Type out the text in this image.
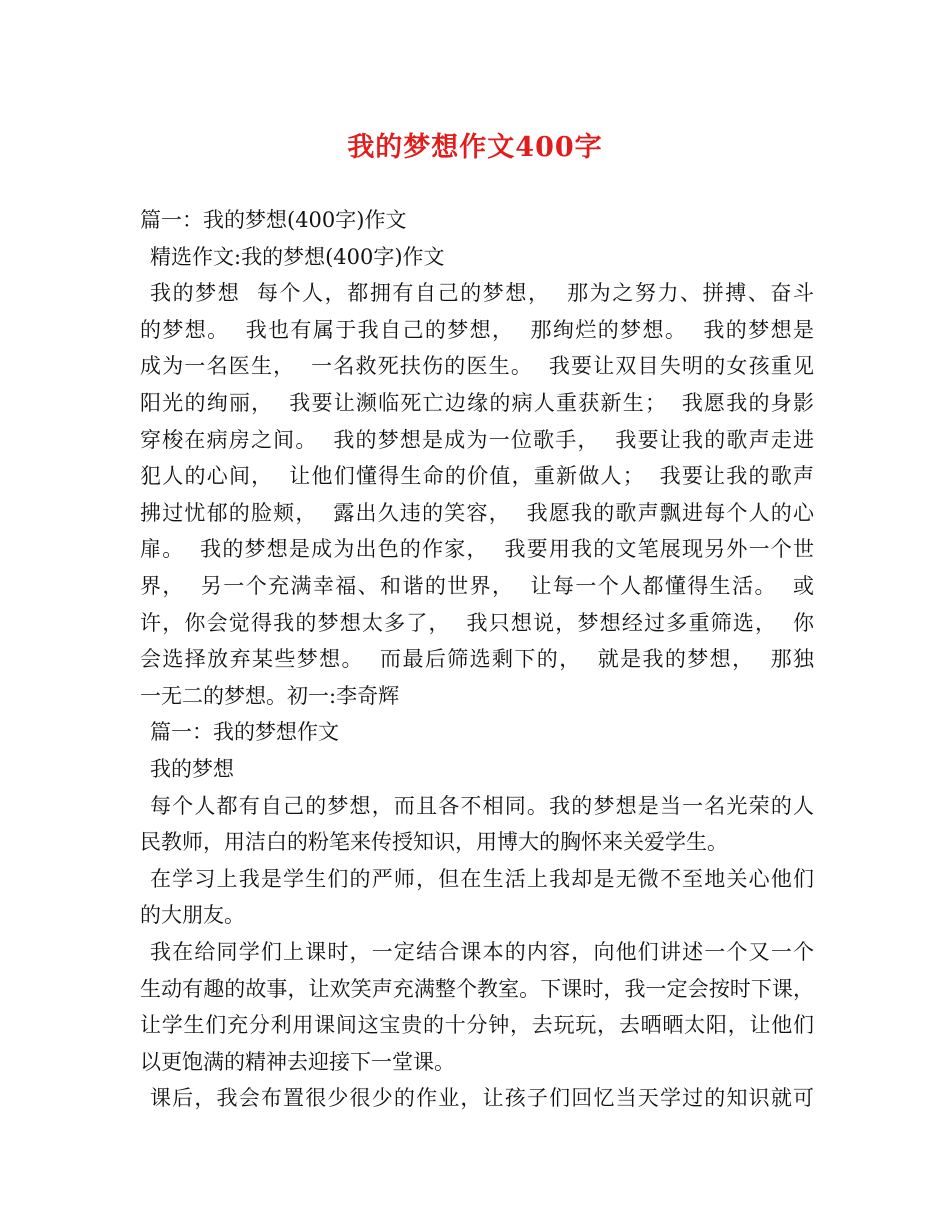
我的梦想作文400字
篇一：我的梦想(400字)作文
精选作文:我的梦想(400字)作文
我的梦想  每个人，都拥有自己的梦想，  那为之努力、拼搏、奋斗
的梦想。  我也有属于我自己的梦想，  那绚烂的梦想。  我的梦想是
成为一名医生，  一名救死扶伤的医生。  我要让双目失明的女孩重见
阳光的绚丽，  我要让濒临死亡边缘的病人重获新生；  我愿我的身影
穿梭在病房之间。  我的梦想是成为一位歌手，  我要让我的歌声走进
犯人的心间，  让他们懂得生命的价值，重新做人；  我要让我的歌声
拂过忧郁的脸颊，  露出久违的笑容，  我愿我的歌声飘进每个人的心
扉。  我的梦想是成为出色的作家，  我要用我的文笔展现另外一个世
界，  另一个充满幸福、和谐的世界，  让每一个人都懂得生活。  或
许，你会觉得我的梦想太多了，  我只想说，梦想经过多重筛选，  你
会选择放弃某些梦想。  而最后筛选剩下的，  就是我的梦想，  那独
一无二的梦想。初一:李奇辉
篇一：我的梦想作文
我的梦想
每个人都有自己的梦想，而且各不相同。我的梦想是当一名光荣的人
民教师，用洁白的粉笔来传授知识，用博大的胸怀来关爱学生。
在学习上我是学生们的严师，但在生活上我却是无微不至地关心他们
的大朋友。
我在给同学们上课时，一定结合课本的内容，向他们讲述一个又一个
生动有趣的故事，让欢笑声充满整个教室。下课时，我一定会按时下课，
让学生们充分利用课间这宝贵的十分钟，去玩玩，去晒晒太阳，让他们
以更饱满的精神去迎接下一堂课。
课后，我会布置很少很少的作业，让孩子们回忆当天学过的知识就可
